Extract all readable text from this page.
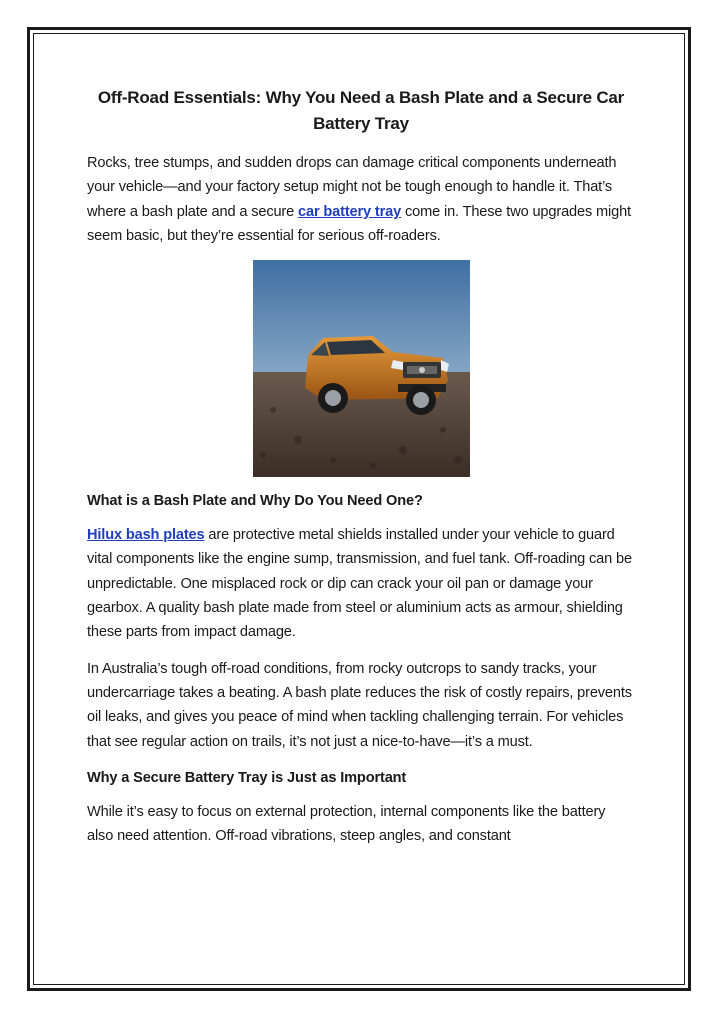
Off-Road Essentials: Why You Need a Bash Plate and a Secure Car Battery Tray

Rocks, tree stumps, and sudden drops can damage critical components underneath your vehicle—and your factory setup might not be tough enough to handle it. That’s where a bash plate and a secure car battery tray come in. These two upgrades might seem basic, but they’re essential for serious off-roaders.

What is a Bash Plate and Why Do You Need One?

Hilux bash plates are protective metal shields installed under your vehicle to guard vital components like the engine sump, transmission, and fuel tank. Off-roading can be unpredictable. One misplaced rock or dip can crack your oil pan or damage your gearbox. A quality bash plate made from steel or aluminium acts as armour, shielding these parts from impact damage.

In Australia’s tough off-road conditions, from rocky outcrops to sandy tracks, your undercarriage takes a beating. A bash plate reduces the risk of costly repairs, prevents oil leaks, and gives you peace of mind when tackling challenging terrain. For vehicles that see regular action on trails, it’s not just a nice-to-have—it’s a must.

Why a Secure Battery Tray is Just as Important

While it’s easy to focus on external protection, internal components like the battery also need attention. Off-road vibrations, steep angles, and constant
